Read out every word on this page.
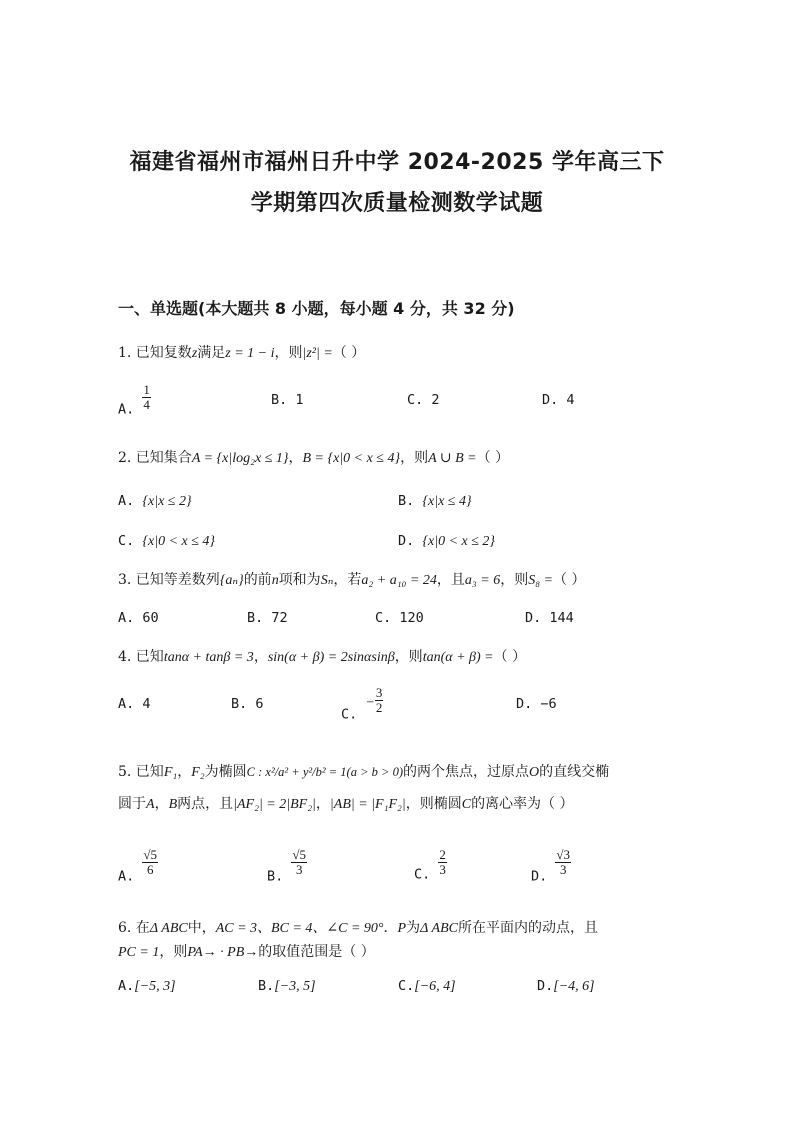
福建省福州市福州日升中学 2024-2025 学年高三下
学期第四次质量检测数学试题
一、单选题(本大题共 8 小题，每小题 4 分，共 32 分)
1. 已知复数z满足z = 1 − i，则|z²| =（ ）
A. $\frac{1}{4}$	B. 1	C. 2	D. 4
2. 已知集合A = {x|log₂x ≤ 1}，B = {x|0 < x ≤ 4}，则A ∪ B =（ ）
A. {x|x ≤ 2}	B. {x|x ≤ 4}
C. {x|0 < x ≤ 4}	D. {x|0 < x ≤ 2}
3. 已知等差数列{aₙ}的前n项和为Sₙ，若a₂ + a₁₀ = 24，且a₃ = 6，则S₈ =（ ）
A. 60	B. 72	C. 120	D. 144
4. 已知tanα + tanβ = 3，sin(α + β) = 2sinαsinβ，则tan(α + β) =（ ）
A. 4	B. 6
C. − $\frac{3}{2}$	D. −6
5. 已知F₁，F₂为椭圆C : x²/a² + y²/b² = 1(a > b > 0)的两个焦点，过原点O的直线交椭
圆于A，B两点，且|AF₂| = 2|BF₂|，|AB| = |F₁F₂|，则椭圆C的离心率为（ ）
A. $\frac{√5}{6}$	B. $\frac{√5}{3}$	C. $\frac{2}{3}$	D. $\frac{√3}{3}$
6. 在Δ ABC中，AC = 3、BC = 4、∠C = 90°．P为Δ ABC所在平面内的动点，且
PC = 1，则PA→ · PB→的取值范围是（ ）
A.[−5, 3]	B.[−3, 5]	C.[−6, 4]	D.[−4, 6]
